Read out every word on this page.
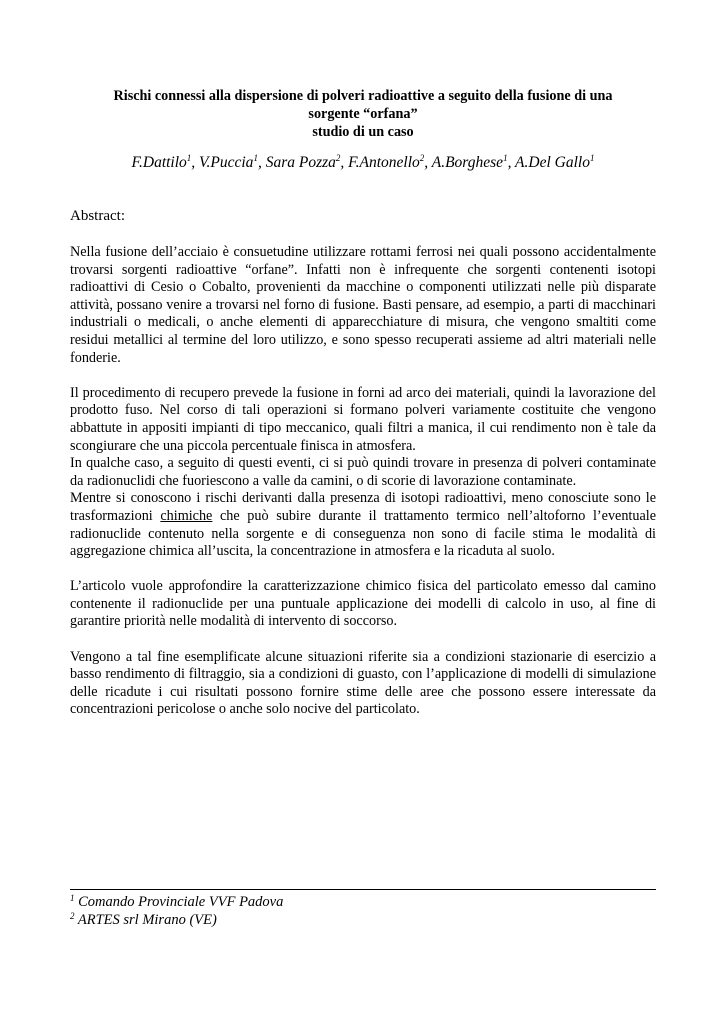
Rischi connessi alla dispersione di polveri radioattive a seguito della fusione di una
sorgente “orfana”
studio di un caso
F.Dattilo$^1$, V.Puccia$^1$, Sara Pozza$^2$, F.Antonello$^2$, A.Borghese$^1$, A.Del Gallo$^1$
Abstract:

Nella fusione dell’acciaio è consuetudine utilizzare rottami ferrosi nei quali possono accidentalmente trovarsi sorgenti radioattive “orfane”. Infatti non è infrequente che sorgenti contenenti isotopi radioattivi di Cesio o Cobalto, provenienti da macchine o componenti utilizzati nelle più disparate attività, possano venire a trovarsi nel forno di fusione. Basti pensare, ad esempio, a parti di macchinari industriali o medicali, o anche elementi di apparecchiature di misura, che vengono smaltiti come residui metallici al termine del loro utilizzo, e sono spesso recuperati assieme ad altri materiali nelle fonderie.

Il procedimento di recupero prevede la fusione in forni ad arco dei materiali, quindi la lavorazione del prodotto fuso. Nel corso di tali operazioni si formano polveri variamente costituite che vengono abbattute in appositi impianti di tipo meccanico, quali filtri a manica, il cui rendimento non è tale da scongiurare che una piccola percentuale finisca in atmosfera.

In qualche caso, a seguito di questi eventi, ci si può quindi trovare in presenza di polveri contaminate da radionuclidi che fuoriescono a valle da camini, o di scorie di lavorazione contaminate.

Mentre si conoscono i rischi derivanti dalla presenza di isotopi radioattivi, meno conosciute sono le trasformazioni chimiche che può subire durante il trattamento termico nell’altoforno l’eventuale radionuclide contenuto nella sorgente e di conseguenza non sono di facile stima le modalità di aggregazione chimica all’uscita, la concentrazione in atmosfera e la ricaduta al suolo.

L’articolo vuole approfondire la caratterizzazione chimico fisica del particolato emesso dal camino contenente il radionuclide per una puntuale applicazione dei modelli di calcolo in uso, al fine di garantire priorità nelle modalità di intervento di soccorso.

Vengono a tal fine esemplificate alcune situazioni riferite sia a condizioni stazionarie di esercizio a basso rendimento di filtraggio, sia a condizioni di guasto, con l’applicazione di modelli di simulazione delle ricadute i cui risultati possono fornire stime delle aree che possono essere interessate da concentrazioni pericolose o anche solo nocive del particolato.

$^1$ Comando Provinciale VVF Padova
$^2$ ARTES srl Mirano (VE)
